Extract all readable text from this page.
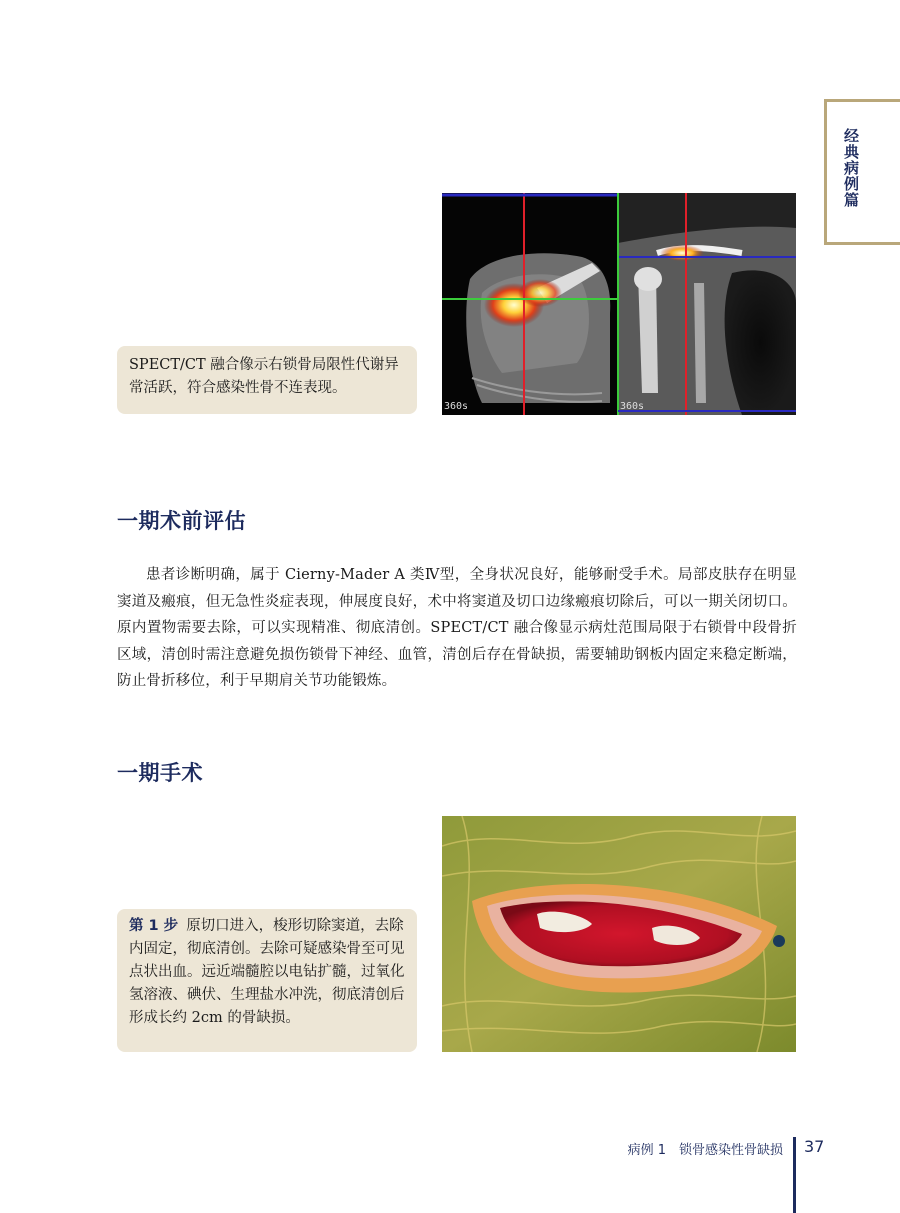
经典病例篇
SPECT/CT 融合像示右锁骨局限性代谢异常活跃，符合感染性骨不连表现。
360s	360s
一期术前评估
患者诊断明确，属于 Cierny-Mader A 类Ⅳ型，全身状况良好，能够耐受手术。局部皮肤存在明显窦道及瘢痕，但无急性炎症表现，伸展度良好，术中将窦道及切口边缘瘢痕切除后，可以一期关闭切口。原内置物需要去除，可以实现精准、彻底清创。SPECT/CT 融合像显示病灶范围局限于右锁骨中段骨折区域，清创时需注意避免损伤锁骨下神经、血管，清创后存在骨缺损，需要辅助钢板内固定来稳定断端，防止骨折移位，利于早期肩关节功能锻炼。
一期手术
第 1 步 原切口进入，梭形切除窦道，去除内固定，彻底清创。去除可疑感染骨至可见点状出血。远近端髓腔以电钻扩髓，过氧化氢溶液、碘伏、生理盐水冲洗，彻底清创后形成长约 2cm 的骨缺损。
病例 1　锁骨感染性骨缺损 37
